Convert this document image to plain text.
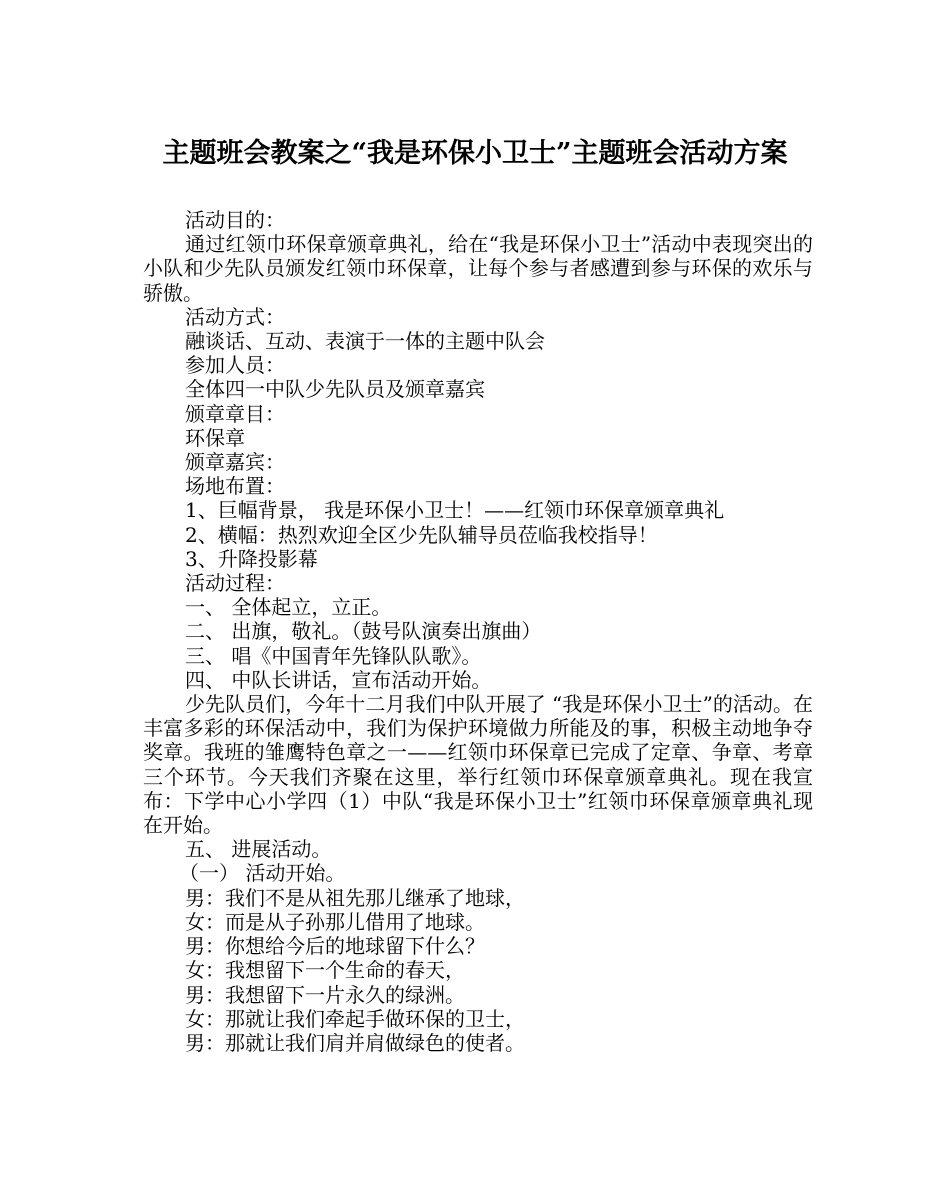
主题班会教案之“我是环保小卫士”主题班会活动方案

活动目的：

通过红领巾环保章颁章典礼，给在“我是环保小卫士”活动中表现突出的小队和少先队员颁发红领巾环保章，让每个参与者感遭到参与环保的欢乐与骄傲。

活动方式：

融谈话、互动、表演于一体的主题中队会

参加人员：

全体四一中队少先队员及颁章嘉宾

颁章章目：

环保章

颁章嘉宾：

场地布置：

1、巨幅背景， 我是环保小卫士！——红领巾环保章颁章典礼

2、横幅：热烈欢迎全区少先队辅导员莅临我校指导！

3、升降投影幕

活动过程：

一、 全体起立，立正。

二、 出旗，敬礼。（鼓号队演奏出旗曲）

三、 唱《中国青年先锋队队歌》。

四、 中队长讲话，宣布活动开始。

少先队员们，今年十二月我们中队开展了 “我是环保小卫士”的活动。在丰富多彩的环保活动中，我们为保护环境做力所能及的事，积极主动地争夺奖章。我班的雏鹰特色章之一——红领巾环保章已完成了定章、争章、考章三个环节。今天我们齐聚在这里，举行红领巾环保章颁章典礼。现在我宣布：下学中心小学四（1）中队“我是环保小卫士”红领巾环保章颁章典礼现在开始。

五、 进展活动。

（一） 活动开始。

男：我们不是从祖先那儿继承了地球，

女：而是从子孙那儿借用了地球。

男：你想给今后的地球留下什么？

女：我想留下一个生命的春天，

男：我想留下一片永久的绿洲。

女：那就让我们牵起手做环保的卫士，

男：那就让我们肩并肩做绿色的使者。
